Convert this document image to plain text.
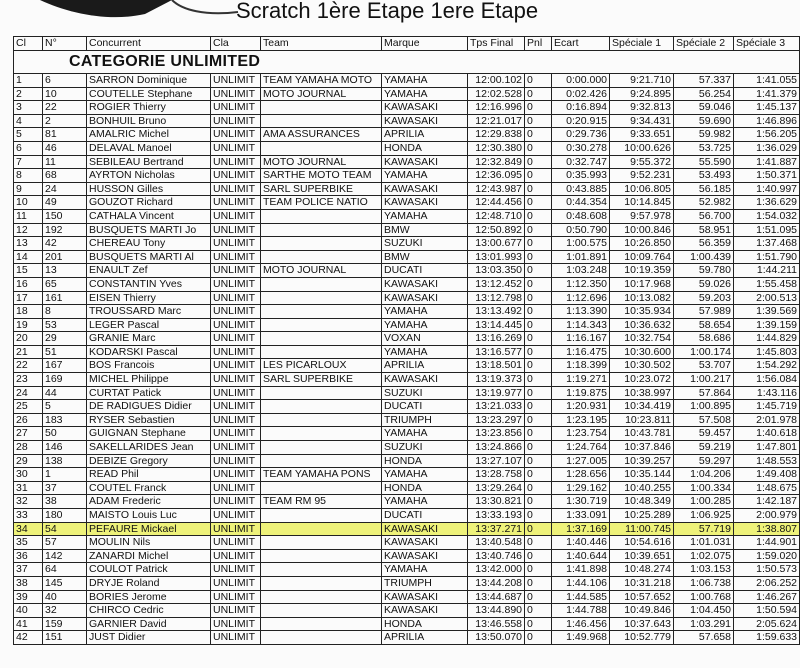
Scratch 1ère Etape 1ere Etape
Cl	N°	Concurrent	Cla	Team	Marque	Tps Final	Pnl	Ecart	Spéciale 1	Spéciale 2	Spéciale 3
CATEGORIE UNLIMITED											
1	6	SARRON Dominique	UNLIMIT	TEAM YAMAHA MOTO	YAMAHA	12:00.102	0	0:00.000	9:21.710	57.337	1:41.055
2	10	COUTELLE Stephane	UNLIMIT	MOTO JOURNAL	YAMAHA	12:02.528	0	0:02.426	9:24.895	56.254	1:41.379
3	22	ROGIER Thierry	UNLIMIT		KAWASAKI	12:16.996	0	0:16.894	9:32.813	59.046	1:45.137
4	2	BONHUIL Bruno	UNLIMIT		KAWASAKI	12:21.017	0	0:20.915	9:34.431	59.690	1:46.896
5	81	AMALRIC Michel	UNLIMIT	AMA ASSURANCES	APRILIA	12:29.838	0	0:29.736	9:33.651	59.982	1:56.205
6	46	DELAVAL Manoel	UNLIMIT		HONDA	12:30.380	0	0:30.278	10:00.626	53.725	1:36.029
7	11	SEBILEAU Bertrand	UNLIMIT	MOTO JOURNAL	KAWASAKI	12:32.849	0	0:32.747	9:55.372	55.590	1:41.887
8	68	AYRTON Nicholas	UNLIMIT	SARTHE MOTO TEAM	YAMAHA	12:36.095	0	0:35.993	9:52.231	53.493	1:50.371
9	24	HUSSON Gilles	UNLIMIT	SARL SUPERBIKE	KAWASAKI	12:43.987	0	0:43.885	10:06.805	56.185	1:40.997
10	49	GOUZOT Richard	UNLIMIT	TEAM POLICE NATIO	KAWASAKI	12:44.456	0	0:44.354	10:14.845	52.982	1:36.629
11	150	CATHALA Vincent	UNLIMIT		YAMAHA	12:48.710	0	0:48.608	9:57.978	56.700	1:54.032
12	192	BUSQUETS MARTI Jo	UNLIMIT		BMW	12:50.892	0	0:50.790	10:00.846	58.951	1:51.095
13	42	CHEREAU Tony	UNLIMIT		SUZUKI	13:00.677	0	1:00.575	10:26.850	56.359	1:37.468
14	201	BUSQUETS MARTI Al	UNLIMIT		BMW	13:01.993	0	1:01.891	10:09.764	1:00.439	1:51.790
15	13	ENAULT Zef	UNLIMIT	MOTO JOURNAL	DUCATI	13:03.350	0	1:03.248	10:19.359	59.780	1:44.211
16	65	CONSTANTIN Yves	UNLIMIT		KAWASAKI	13:12.452	0	1:12.350	10:17.968	59.026	1:55.458
17	161	EISEN Thierry	UNLIMIT		KAWASAKI	13:12.798	0	1:12.696	10:13.082	59.203	2:00.513
18	8	TROUSSARD Marc	UNLIMIT		YAMAHA	13:13.492	0	1:13.390	10:35.934	57.989	1:39.569
19	53	LEGER Pascal	UNLIMIT		YAMAHA	13:14.445	0	1:14.343	10:36.632	58.654	1:39.159
20	29	GRANIE Marc	UNLIMIT		VOXAN	13:16.269	0	1:16.167	10:32.754	58.686	1:44.829
21	51	KODARSKI Pascal	UNLIMIT		YAMAHA	13:16.577	0	1:16.475	10:30.600	1:00.174	1:45.803
22	167	BOS Francois	UNLIMIT	LES PICARLOUX	APRILIA	13:18.501	0	1:18.399	10:30.502	53.707	1:54.292
23	169	MICHEL Philippe	UNLIMIT	SARL SUPERBIKE	KAWASAKI	13:19.373	0	1:19.271	10:23.072	1:00.217	1:56.084
24	44	CURTAT Patick	UNLIMIT		SUZUKI	13:19.977	0	1:19.875	10:38.997	57.864	1:43.116
25	5	DE RADIGUES Didier	UNLIMIT		DUCATI	13:21.033	0	1:20.931	10:34.419	1:00.895	1:45.719
26	183	RYSER Sebastien	UNLIMIT		TRIUMPH	13:23.297	0	1:23.195	10:23.811	57.508	2:01.978
27	50	GUIGNAN Stephane	UNLIMIT		YAMAHA	13:23.856	0	1:23.754	10:43.781	59.457	1:40.618
28	146	SAKELLARIDES Jean	UNLIMIT		SUZUKI	13:24.866	0	1:24.764	10:37.846	59.219	1:47.801
29	138	DEBIZE Gregory	UNLIMIT		HONDA	13:27.107	0	1:27.005	10:39.257	59.297	1:48.553
30	1	READ Phil	UNLIMIT	TEAM YAMAHA PONS	YAMAHA	13:28.758	0	1:28.656	10:35.144	1:04.206	1:49.408
31	37	COUTEL Franck	UNLIMIT		HONDA	13:29.264	0	1:29.162	10:40.255	1:00.334	1:48.675
32	38	ADAM Frederic	UNLIMIT	TEAM RM 95	YAMAHA	13:30.821	0	1:30.719	10:48.349	1:00.285	1:42.187
33	180	MAISTO Louis Luc	UNLIMIT		DUCATI	13:33.193	0	1:33.091	10:25.289	1:06.925	2:00.979
34	54	PEFAURE Mickael	UNLIMIT		KAWASAKI	13:37.271	0	1:37.169	11:00.745	57.719	1:38.807
35	57	MOULIN Nils	UNLIMIT		KAWASAKI	13:40.548	0	1:40.446	10:54.616	1:01.031	1:44.901
36	142	ZANARDI Michel	UNLIMIT		KAWASAKI	13:40.746	0	1:40.644	10:39.651	1:02.075	1:59.020
37	64	COULOT Patrick	UNLIMIT		YAMAHA	13:42.000	0	1:41.898	10:48.274	1:03.153	1:50.573
38	145	DRYJE Roland	UNLIMIT		TRIUMPH	13:44.208	0	1:44.106	10:31.218	1:06.738	2:06.252
39	40	BORIES Jerome	UNLIMIT		KAWASAKI	13:44.687	0	1:44.585	10:57.652	1:00.768	1:46.267
40	32	CHIRCO Cedric	UNLIMIT		KAWASAKI	13:44.890	0	1:44.788	10:49.846	1:04.450	1:50.594
41	159	GARNIER David	UNLIMIT		HONDA	13:46.558	0	1:46.456	10:37.643	1:03.291	2:05.624
42	151	JUST Didier	UNLIMIT		APRILIA	13:50.070	0	1:49.968	10:52.779	57.658	1:59.633
